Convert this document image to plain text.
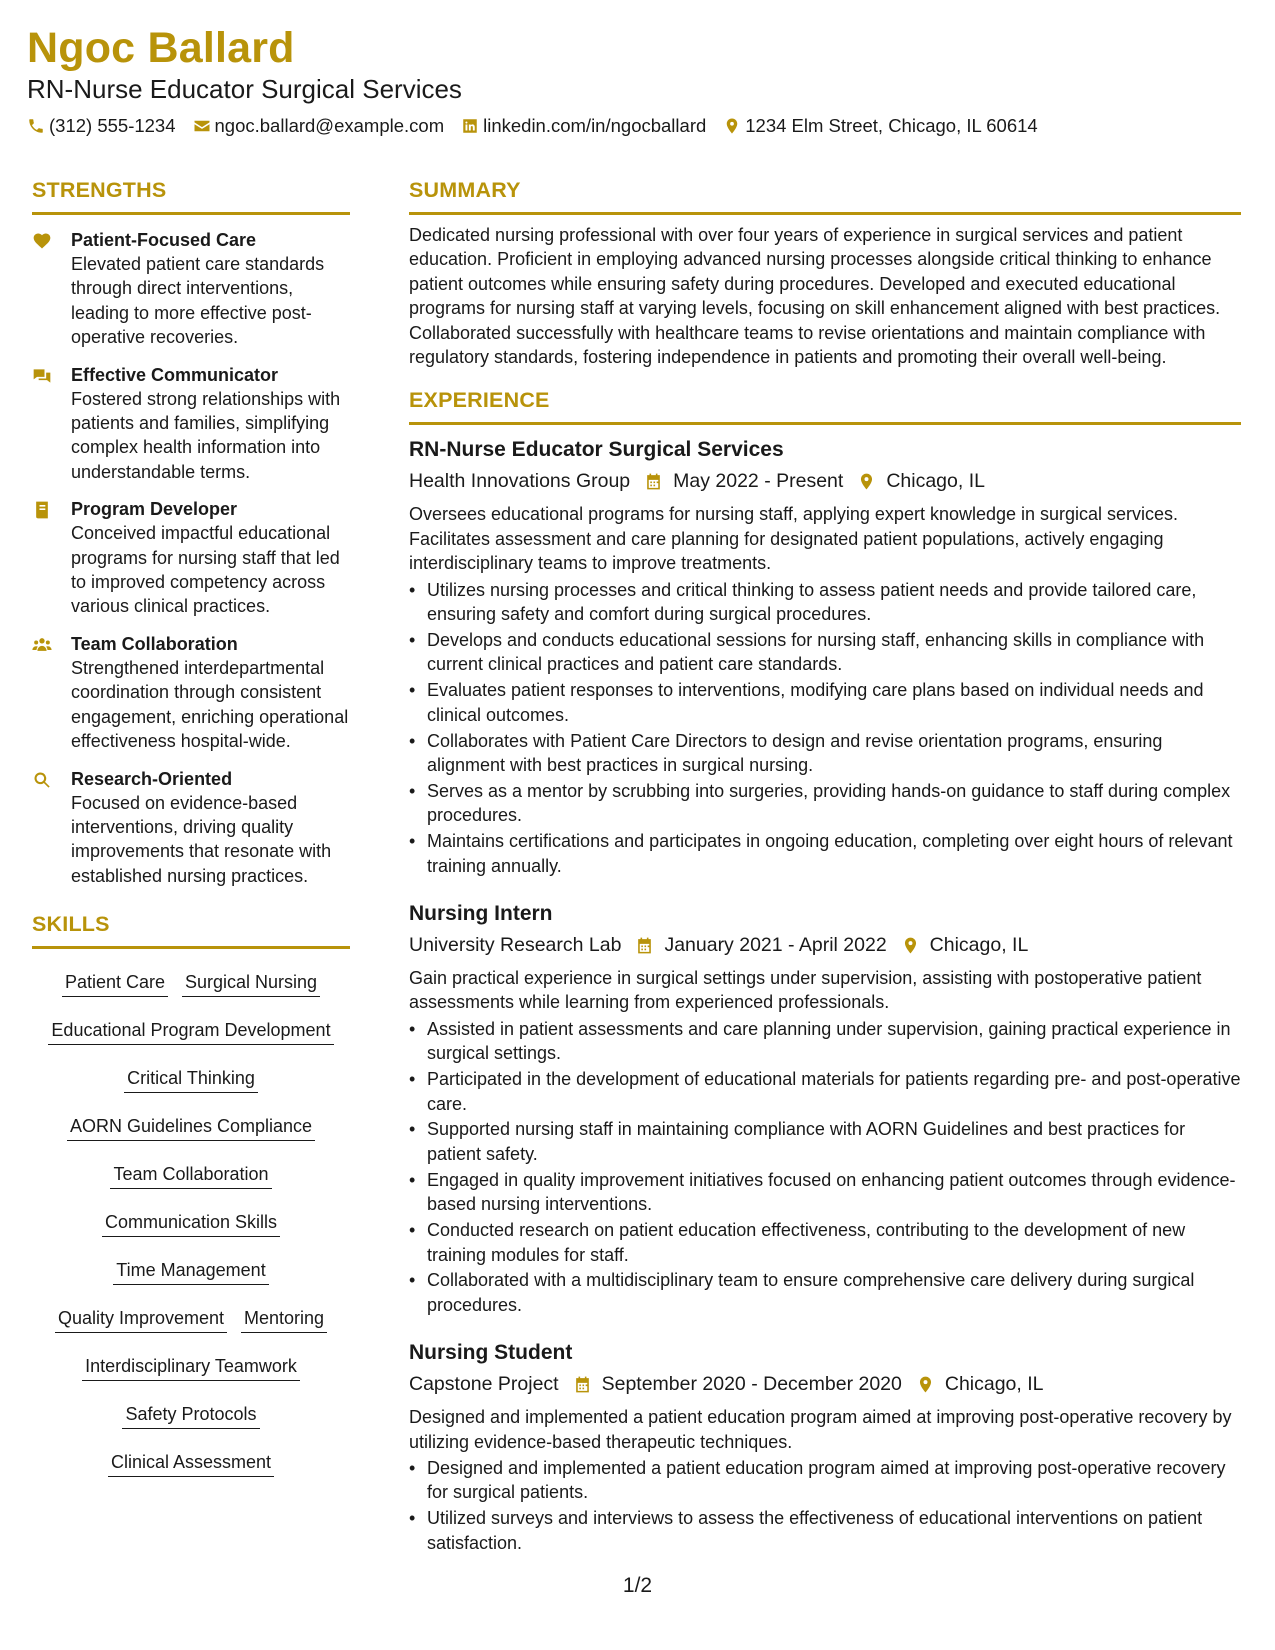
Ngoc Ballard
RN-Nurse Educator Surgical Services
(312) 555-1234 ngoc.ballard@example.com linkedin.com/in/ngocballard 1234 Elm Street, Chicago, IL 60614
STRENGTHS
Patient-Focused Care
Elevated patient care standards through direct interventions, leading to more effective post-operative recoveries.
Effective Communicator
Fostered strong relationships with patients and families, simplifying complex health information into understandable terms.
Program Developer
Conceived impactful educational programs for nursing staff that led to improved competency across various clinical practices.
Team Collaboration
Strengthened interdepartmental coordination through consistent engagement, enriching operational effectiveness hospital-wide.
Research-Oriented
Focused on evidence-based interventions, driving quality improvements that resonate with established nursing practices.
SKILLS
Patient Care Surgical Nursing
Educational Program Development
Critical Thinking
AORN Guidelines Compliance
Team Collaboration
Communication Skills
Time Management
Quality Improvement Mentoring
Interdisciplinary Teamwork
Safety Protocols
Clinical Assessment
SUMMARY
Dedicated nursing professional with over four years of experience in surgical services and patient education. Proficient in employing advanced nursing processes alongside critical thinking to enhance patient outcomes while ensuring safety during procedures. Developed and executed educational programs for nursing staff at varying levels, focusing on skill enhancement aligned with best practices. Collaborated successfully with healthcare teams to revise orientations and maintain compliance with regulatory standards, fostering independence in patients and promoting their overall well-being.
EXPERIENCE
RN-Nurse Educator Surgical Services
Health Innovations Group May 2022 - Present Chicago, IL
Oversees educational programs for nursing staff, applying expert knowledge in surgical services. Facilitates assessment and care planning for designated patient populations, actively engaging interdisciplinary teams to improve treatments.
• Utilizes nursing processes and critical thinking to assess patient needs and provide tailored care, ensuring safety and comfort during surgical procedures.
• Develops and conducts educational sessions for nursing staff, enhancing skills in compliance with current clinical practices and patient care standards.
• Evaluates patient responses to interventions, modifying care plans based on individual needs and clinical outcomes.
• Collaborates with Patient Care Directors to design and revise orientation programs, ensuring alignment with best practices in surgical nursing.
• Serves as a mentor by scrubbing into surgeries, providing hands-on guidance to staff during complex procedures.
• Maintains certifications and participates in ongoing education, completing over eight hours of relevant training annually.
Nursing Intern
University Research Lab January 2021 - April 2022 Chicago, IL
Gain practical experience in surgical settings under supervision, assisting with postoperative patient assessments while learning from experienced professionals.
• Assisted in patient assessments and care planning under supervision, gaining practical experience in surgical settings.
• Participated in the development of educational materials for patients regarding pre- and post-operative care.
• Supported nursing staff in maintaining compliance with AORN Guidelines and best practices for patient safety.
• Engaged in quality improvement initiatives focused on enhancing patient outcomes through evidence-based nursing interventions.
• Conducted research on patient education effectiveness, contributing to the development of new training modules for staff.
• Collaborated with a multidisciplinary team to ensure comprehensive care delivery during surgical procedures.
Nursing Student
Capstone Project September 2020 - December 2020 Chicago, IL
Designed and implemented a patient education program aimed at improving post-operative recovery by utilizing evidence-based therapeutic techniques.
• Designed and implemented a patient education program aimed at improving post-operative recovery for surgical patients.
• Utilized surveys and interviews to assess the effectiveness of educational interventions on patient satisfaction.
1/2
